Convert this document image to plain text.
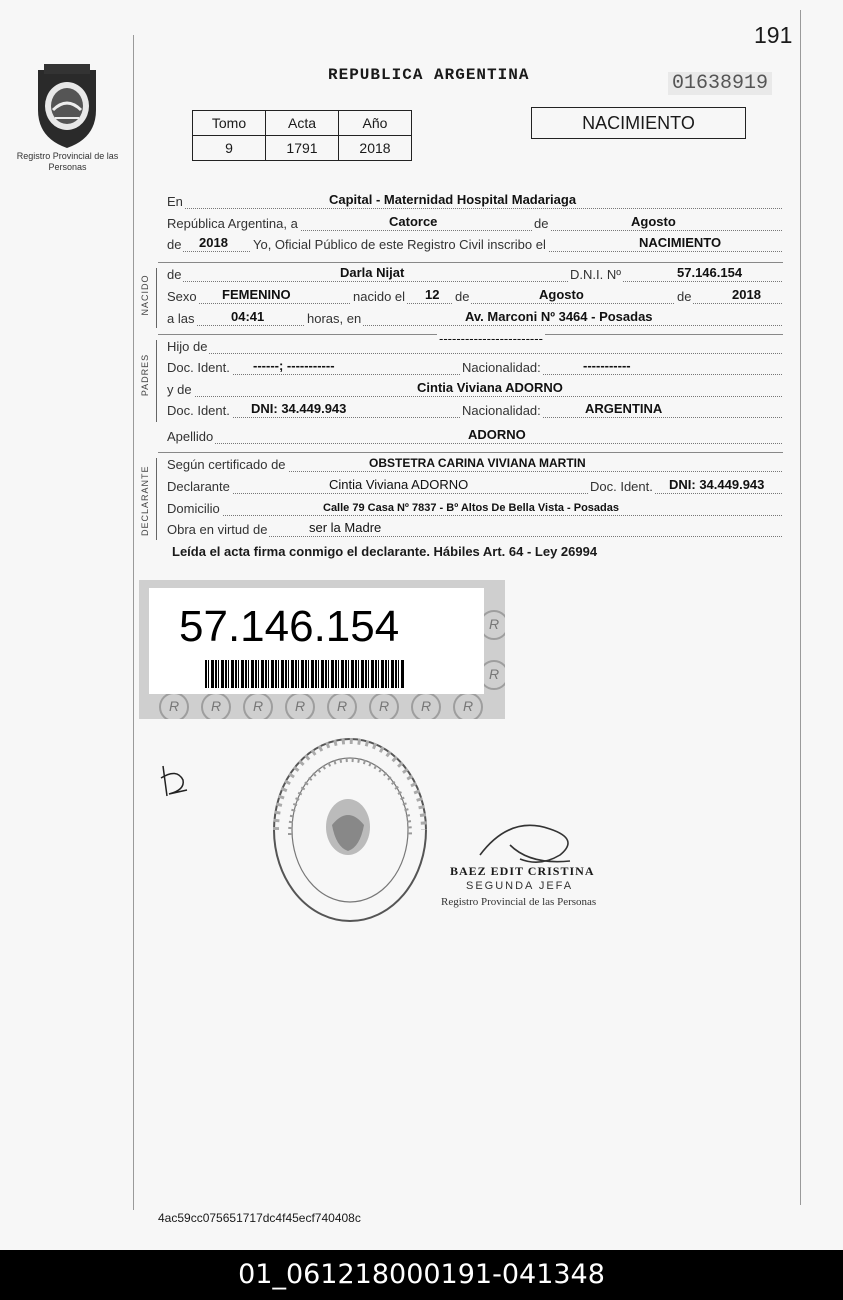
Registro Provincial de las Personas
191
REPUBLICA ARGENTINA	01638919
Tomo	Acta	Año
9	1791	2018
NACIMIENTO
En	Capital - Maternidad Hospital Madariaga
República Argentina, a	Catorce	de	Agosto
de 2018 Yo, Oficial Público de este Registro Civil inscribo el	NACIMIENTO
NACIDO de	Darla Nijat	D.N.I. Nº	57.146.154
Sexo FEMENINO	nacido el 12 de	Agosto	de	2018
a las	04:41	horas, en	Av. Marconi Nº 3464 - Posadas
PADRES
Hijo de
------------------------
Doc. Ident. ------; -----------	Nacionalidad:	-----------
y de	Cintia Viviana ADORNO
Doc. Ident. DNI: 34.449.943	Nacionalidad:	ARGENTINA
Apellido	ADORNO
DECLARANTE
Según certificado de	OBSTETRA CARINA VIVIANA MARTIN
Declarante	Cintia Viviana ADORNO	Doc. Ident. DNI: 34.449.943
Domicilio	Calle 79 Casa Nº 7837 - Bº Altos De Bella Vista - Posadas
Obra en virtud de	ser la Madre
Leída el acta firma conmigo el declarante. Hábiles Art. 64 - Ley 26994
R	R	R	R	R	R	R	R
R
R
57.146.154
BAEZ EDIT CRISTINA
SEGUNDA JEFA
Registro Provincial de las Personas
4ac59cc075651717dc4f45ecf740408c
01_061218000191-041348
